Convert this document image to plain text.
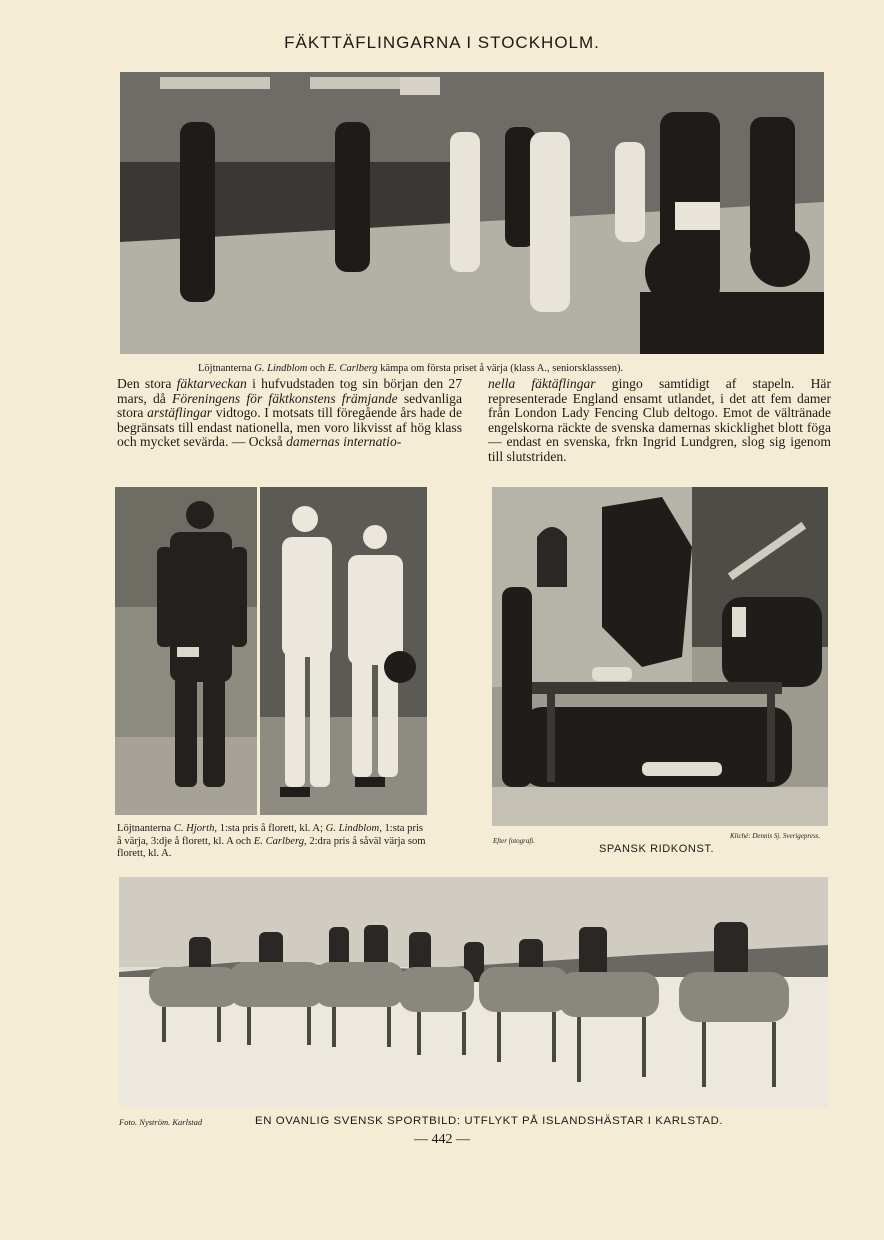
FÄKTTÄFLINGARNA I STOCKHOLM.
Löjtnanterna G. Lindblom och E. Carlberg kämpa om första priset å värja (klass A., seniorsklasssen).
Den stora fäktarveckan i hufvudstaden tog sin början den 27 mars, då Föreningens för fäktkonstens främjande sedvanliga stora arstäflingar vidtogo. I motsats till föregående års hade de begränsats till endast nationella, men voro likvisst af hög klass och mycket sevärda. — Också damernas internatio-
nella fäktäflingar gingo samtidigt af stapeln. Här representerade England ensamt utlandet, i det att fem damer från London Lady Fencing Club deltogo. Emot de vältränade engelskorna räckte de svenska damernas skicklighet blott föga — endast en svenska, frkn Ingrid Lundgren, slog sig igenom till slutstriden.
Löjtnanterna C. Hjorth, 1:sta pris å florett, kl. A; G. Lindblom, 1:sta pris å värja, 3:dje å florett, kl. A och E. Carlberg, 2:dra pris å såväl värja som florett, kl. A.
Efter fotografi.
Kliché: Dennis Sj. Sverigepress.
SPANSK RIDKONST.
Foto. Nyström. Karlstad	EN OVANLIG SVENSK SPORTBILD: UTFLYKT PÅ ISLANDSHÄSTAR I KARLSTAD.
— 442 —
